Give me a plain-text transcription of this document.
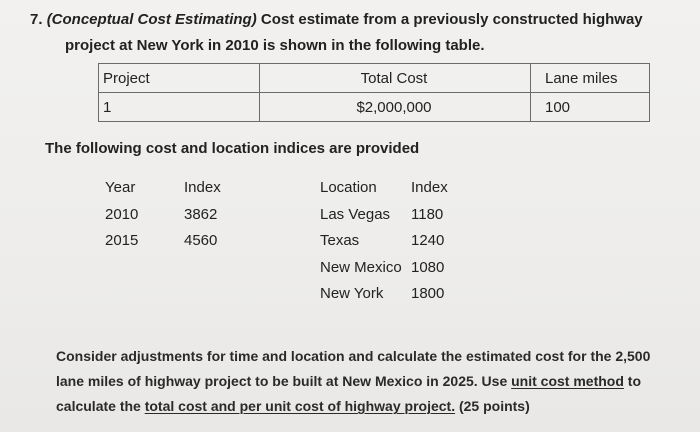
7. (Conceptual Cost Estimating) Cost estimate from a previously constructed highway
project at New York in 2010 is shown in the following table.
Project	Total Cost	Lane miles
1	$2,000,000	100
The following cost and location indices are provided
Year	Index
2010	3862
2015	4560
Location Index
Las Vegas 1180
Texas	1240
New Mexico 1080
New York 1800
Consider adjustments for time and location and calculate the estimated cost for the 2,500
lane miles of highway project to be built at New Mexico in 2025. Use unit cost method to
calculate the total cost and per unit cost of highway project. (25 points)
